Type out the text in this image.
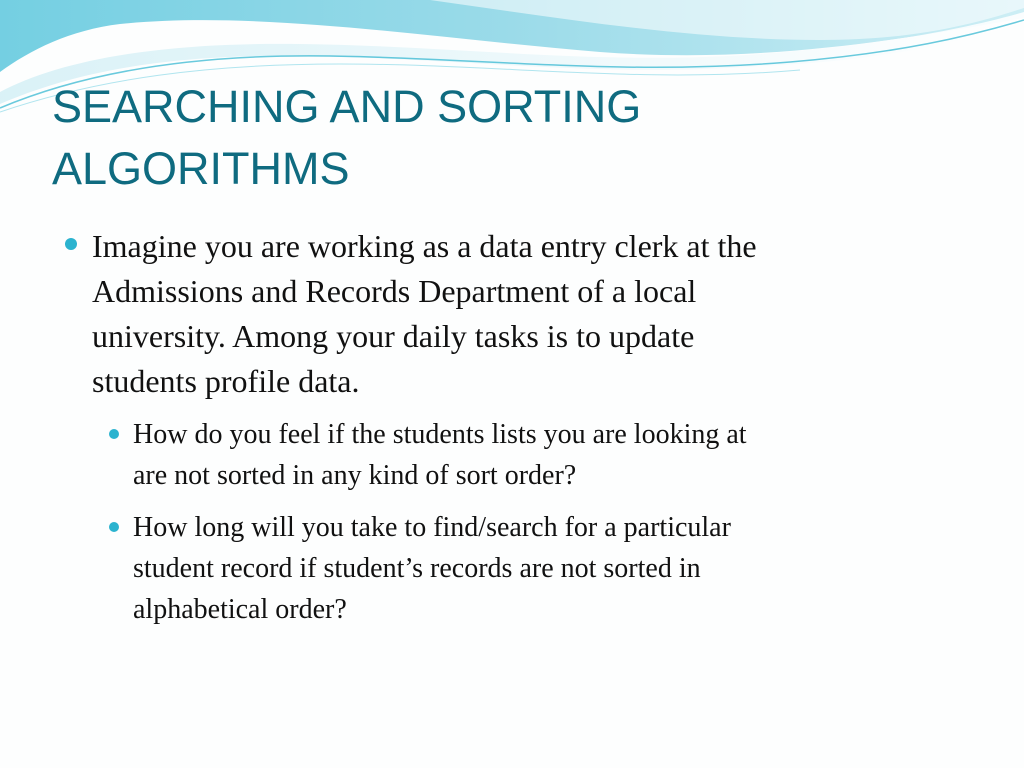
SEARCHING AND SORTING
ALGORITHMS
Imagine you are working as a data entry clerk at the
Admissions and Records Department of a local
university. Among your daily tasks is to update
students profile data.
How do you feel if the students lists you are looking at
are not sorted in any kind of sort order?
How long will you take to find/search for a particular
student record if student’s records are not sorted in
alphabetical order?
